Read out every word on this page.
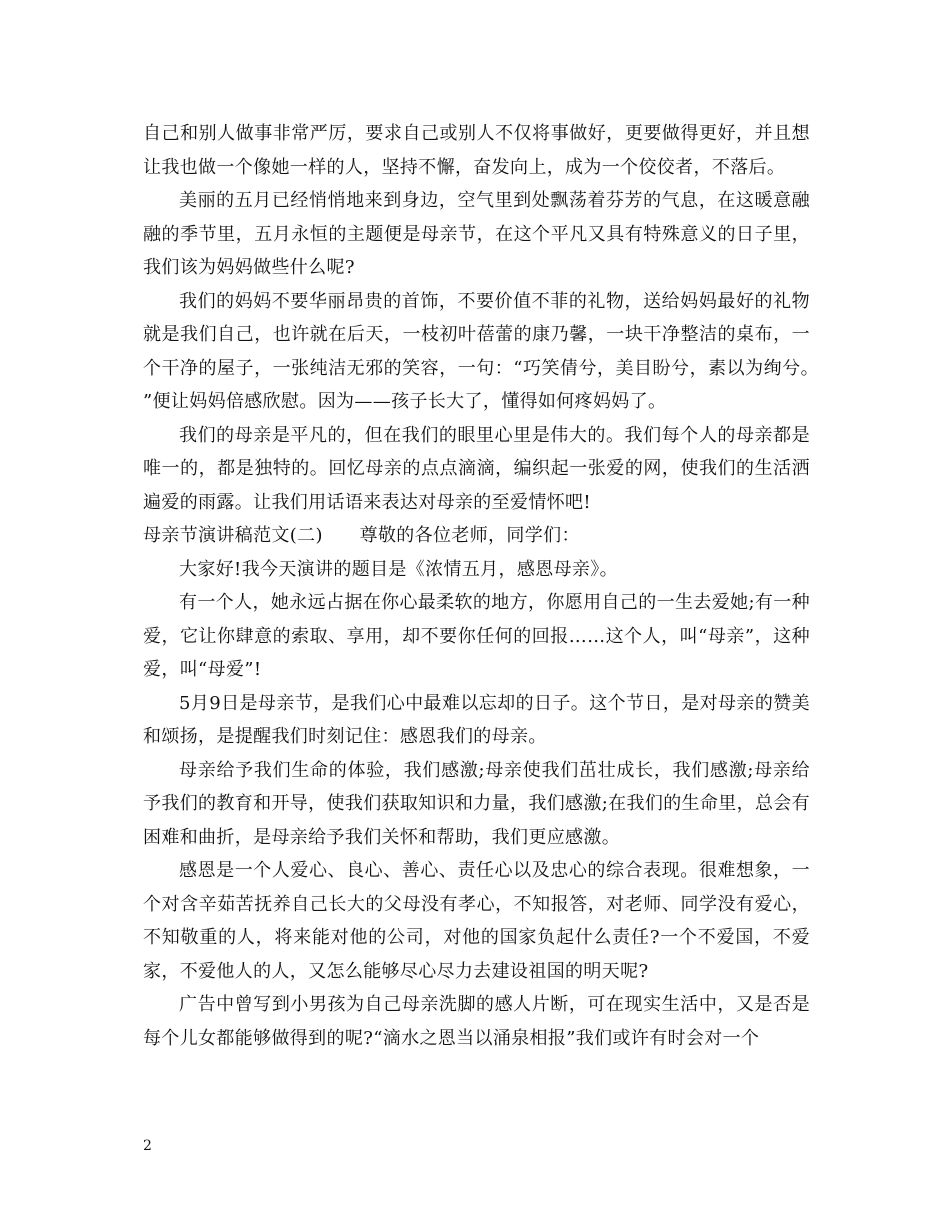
自己和别人做事非常严厉，要求自己或别人不仅将事做好，更要做得更好，并且想让我也做一个像她一样的人，坚持不懈，奋发向上，成为一个佼佼者，不落后。

美丽的五月已经悄悄地来到身边，空气里到处飘荡着芬芳的气息，在这暖意融融的季节里，五月永恒的主题便是母亲节，在这个平凡又具有特殊意义的日子里，我们该为妈妈做些什么呢?

我们的妈妈不要华丽昂贵的首饰，不要价值不菲的礼物，送给妈妈最好的礼物就是我们自己，也许就在后天，一枝初叶蓓蕾的康乃馨，一块干净整洁的桌布，一个干净的屋子，一张纯洁无邪的笑容，一句：“巧笑倩兮，美目盼兮，素以为绚兮。”便让妈妈倍感欣慰。因为——孩子长大了，懂得如何疼妈妈了。

我们的母亲是平凡的，但在我们的眼里心里是伟大的。我们每个人的母亲都是唯一的，都是独特的。回忆母亲的点点滴滴，编织起一张爱的网，使我们的生活洒遍爱的雨露。让我们用话语来表达对母亲的至爱情怀吧!

母亲节演讲稿范文(二)　　尊敬的各位老师，同学们：

大家好!我今天演讲的题目是《浓情五月，感恩母亲》。

有一个人，她永远占据在你心最柔软的地方，你愿用自己的一生去爱她;有一种爱，它让你肆意的索取、享用，却不要你任何的回报……这个人，叫“母亲”，这种爱，叫“母爱”!

5月9日是母亲节，是我们心中最难以忘却的日子。这个节日，是对母亲的赞美和颂扬，是提醒我们时刻记住：感恩我们的母亲。

母亲给予我们生命的体验，我们感激;母亲使我们茁壮成长，我们感激;母亲给予我们的教育和开导，使我们获取知识和力量，我们感激;在我们的生命里，总会有困难和曲折，是母亲给予我们关怀和帮助，我们更应感激。

感恩是一个人爱心、良心、善心、责任心以及忠心的综合表现。很难想象，一个对含辛茹苦抚养自己长大的父母没有孝心，不知报答，对老师、同学没有爱心，不知敬重的人，将来能对他的公司，对他的国家负起什么责任?一个不爱国，不爱家，不爱他人的人，又怎么能够尽心尽力去建设祖国的明天呢?

广告中曾写到小男孩为自己母亲洗脚的感人片断，可在现实生活中，又是否是每个儿女都能够做得到的呢?“滴水之恩当以涌泉相报”我们或许有时会对一个

2
